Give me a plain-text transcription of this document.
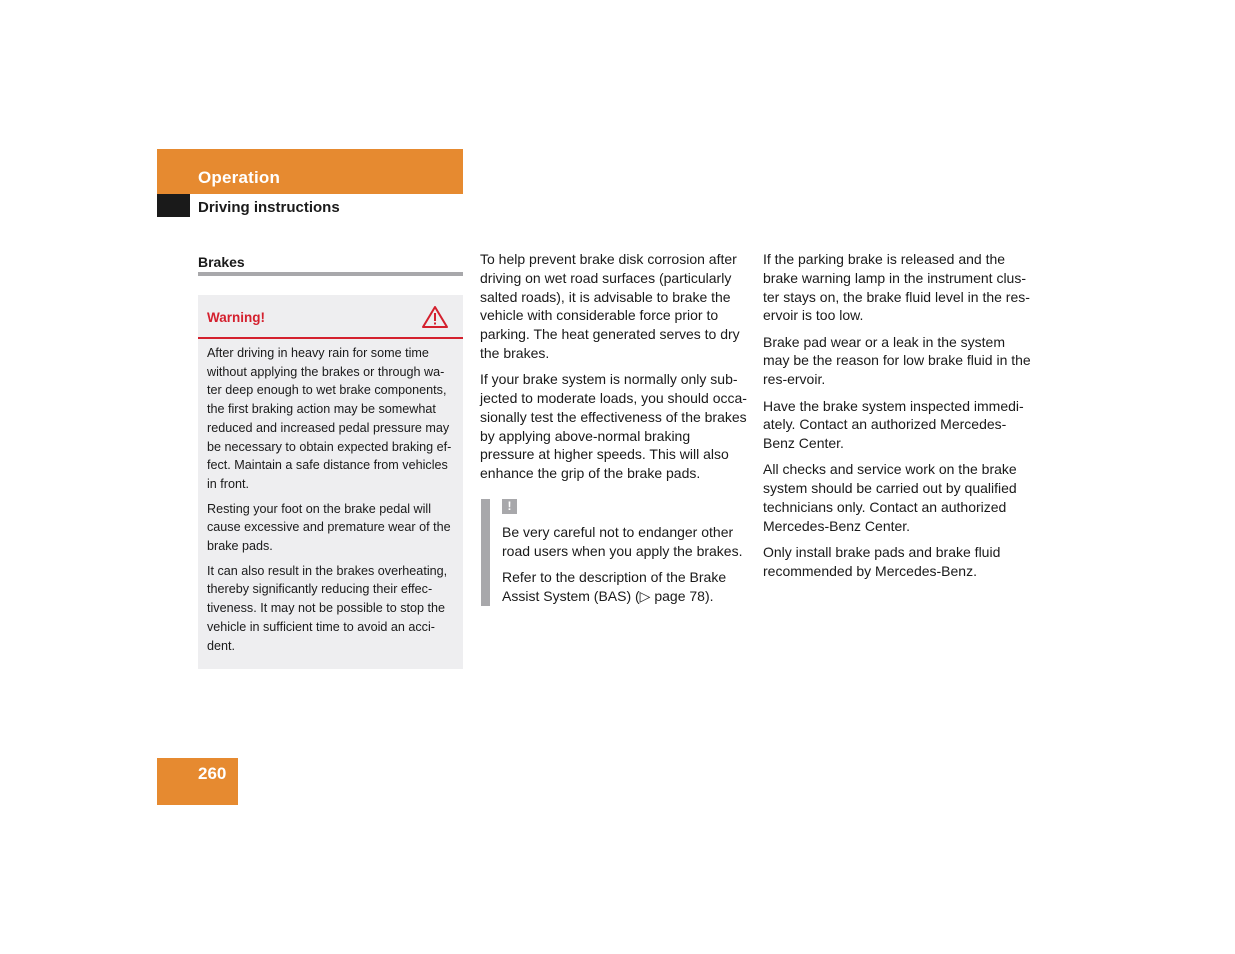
Operation
Driving instructions
Brakes
Warning!

After driving in heavy rain for some time without applying the brakes or through wa-ter deep enough to wet brake components, the first braking action may be somewhat reduced and increased pedal pressure may be necessary to obtain expected braking ef-fect. Maintain a safe distance from vehicles in front.

Resting your foot on the brake pedal will cause excessive and premature wear of the brake pads.

It can also result in the brakes overheating, thereby significantly reducing their effec-tiveness. It may not be possible to stop the vehicle in sufficient time to avoid an acci-dent.

To help prevent brake disk corrosion after driving on wet road surfaces (particularly salted roads), it is advisable to brake the vehicle with considerable force prior to parking. The heat generated serves to dry the brakes.

If your brake system is normally only sub-jected to moderate loads, you should occa-sionally test the effectiveness of the brakes by applying above-normal braking pressure at higher speeds. This will also enhance the grip of the brake pads.

!

Be very careful not to endanger other road users when you apply the brakes.

Refer to the description of the Brake Assist System (BAS) (▷ page 78).

If the parking brake is released and the brake warning lamp in the instrument clus-ter stays on, the brake fluid level in the res-ervoir is too low.

Brake pad wear or a leak in the system may be the reason for low brake fluid in the res-ervoir.

Have the brake system inspected immedi-ately. Contact an authorized Mercedes-Benz Center.

All checks and service work on the brake system should be carried out by qualified technicians only. Contact an authorized Mercedes-Benz Center.

Only install brake pads and brake fluid recommended by Mercedes-Benz.

260
